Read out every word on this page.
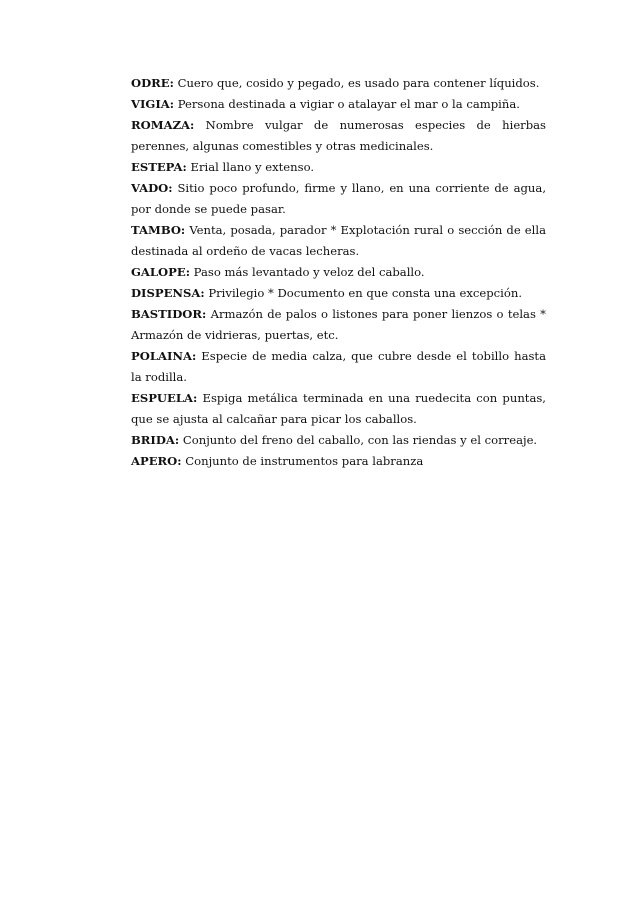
ODRE: Cuero que, cosido y pegado, es usado para contener líquidos.

VIGIA: Persona destinada a vigiar o atalayar el mar o la campiña.

ROMAZA: Nombre vulgar de numerosas especies de hierbas perennes, algunas comestibles y otras medicinales.

ESTEPA: Erial llano y extenso.

VADO: Sitio poco profundo, firme y llano, en una corriente de agua, por donde se puede pasar.

TAMBO: Venta, posada, parador * Explotación rural o sección de ella destinada al ordeño de vacas lecheras.

GALOPE: Paso más levantado y veloz del caballo.

DISPENSA: Privilegio * Documento en que consta una excepción.

BASTIDOR: Armazón de palos o listones para poner lienzos o telas * Armazón de vidrieras, puertas, etc.

POLAINA: Especie de media calza, que cubre desde el tobillo hasta la rodilla.

ESPUELA: Espiga metálica terminada en una ruedecita con puntas, que se ajusta al calcañar para picar los caballos.

BRIDA: Conjunto del freno del caballo, con las riendas y el correaje.

APERO: Conjunto de instrumentos para labranza
